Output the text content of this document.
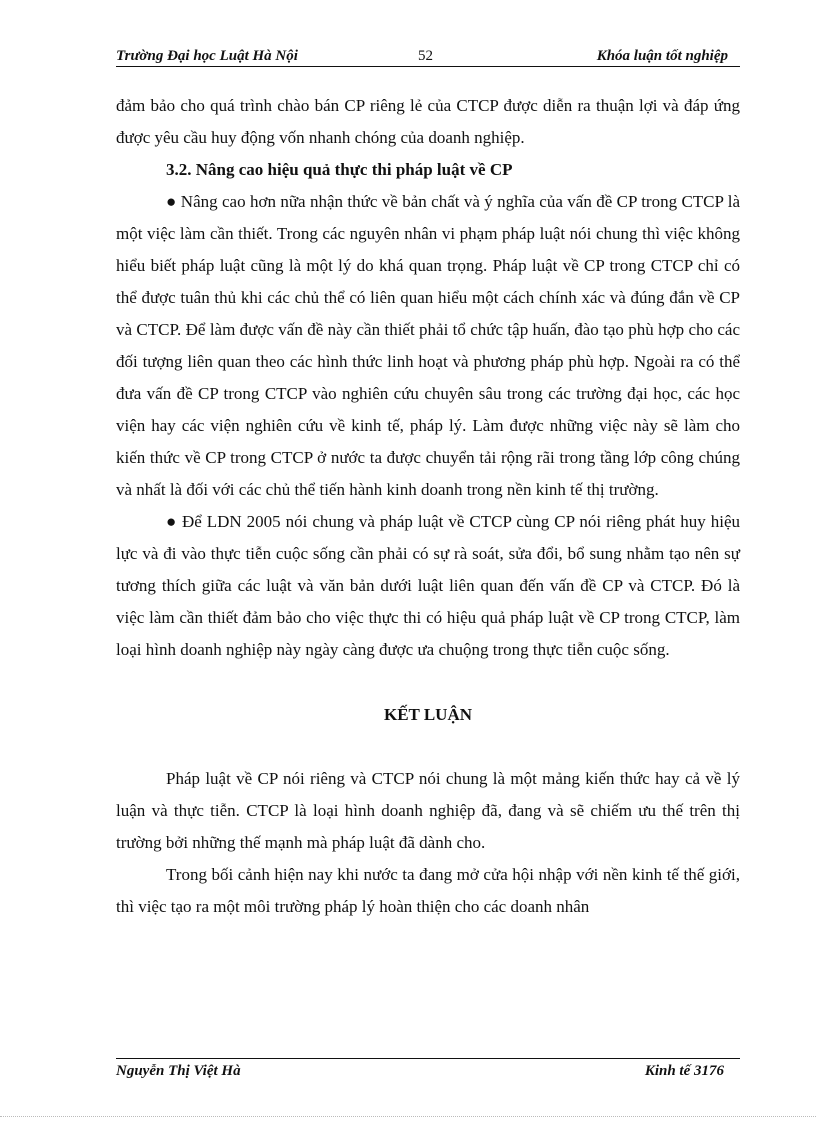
Trường Đại học Luật Hà Nội	52	Khóa luận tốt nghiệp

đảm bảo cho quá trình chào bán CP riêng lẻ của CTCP được diễn ra thuận lợi và đáp ứng được yêu cầu huy động vốn nhanh chóng của doanh nghiệp.

3.2. Nâng cao hiệu quả thực thi pháp luật về CP

● Nâng cao hơn nữa nhận thức về bản chất và ý nghĩa của vấn đề CP trong CTCP là một việc làm cần thiết. Trong các nguyên nhân vi phạm pháp luật nói chung thì việc không hiểu biết pháp luật cũng là một lý do khá quan trọng. Pháp luật về CP trong CTCP chỉ có thể được tuân thủ khi các chủ thể có liên quan hiểu một cách chính xác và đúng đắn về CP và CTCP. Để làm được vấn đề này cần thiết phải tổ chức tập huấn, đào tạo phù hợp cho các đối tượng liên quan theo các hình thức linh hoạt và phương pháp phù hợp. Ngoài ra có thể đưa vấn đề CP trong CTCP vào nghiên cứu chuyên sâu trong các trường đại học, các học viện hay các viện nghiên cứu về kinh tế, pháp lý. Làm được những việc này sẽ làm cho kiến thức về CP trong CTCP ở nước ta được chuyển tải rộng rãi trong tầng lớp công chúng và nhất là đối với các chủ thể tiến hành kinh doanh trong nền kinh tế thị trường.

● Để LDN 2005 nói chung và pháp luật về CTCP cùng CP nói riêng phát huy hiệu lực và đi vào thực tiễn cuộc sống cần phải có sự rà soát, sửa đổi, bổ sung nhằm tạo nên sự tương thích giữa các luật và văn bản dưới luật liên quan đến vấn đề CP và CTCP. Đó là việc làm cần thiết đảm bảo cho việc thực thi có hiệu quả pháp luật về CP trong CTCP, làm loại hình doanh nghiệp này ngày càng được ưa chuộng trong thực tiễn cuộc sống.

KẾT LUẬN

Pháp luật về CP nói riêng và CTCP nói chung là một mảng kiến thức hay cả về lý luận và thực tiễn. CTCP là loại hình doanh nghiệp đã, đang và sẽ chiếm ưu thế trên thị trường bởi những thế mạnh mà pháp luật đã dành cho.

Trong bối cảnh hiện nay khi nước ta đang mở cửa hội nhập với nền kinh tế thế giới, thì việc tạo ra một môi trường pháp lý hoàn thiện cho các doanh nhân

Nguyễn Thị Việt Hà	Kinh tế 3176
